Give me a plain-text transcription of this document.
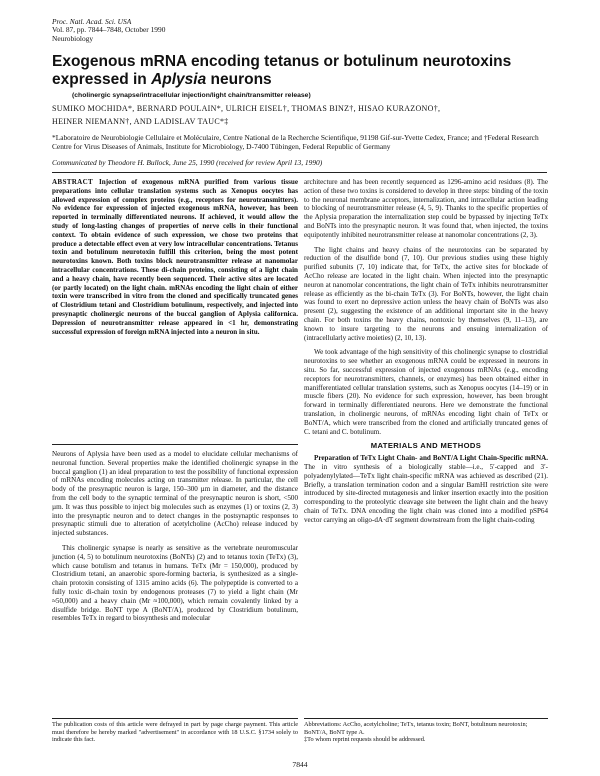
Proc. Natl. Acad. Sci. USA
Vol. 87, pp. 7844–7848, October 1990
Neurobiology
Exogenous mRNA encoding tetanus or botulinum neurotoxins expressed in Aplysia neurons
(cholinergic synapse/intracellular injection/light chain/transmitter release)
SUMIKO MOCHIDA*, BERNARD POULAIN*, ULRICH EISEL†, THOMAS BINZ†, HISAO KURAZONO†,
HEINER NIEMANN†, AND LADISLAV TAUC*‡
*Laboratoire de Neurobiologie Cellulaire et Moléculaire, Centre National de la Recherche Scientifique, 91198 Gif-sur-Yvette Cedex, France; and †Federal Research Centre for Virus Diseases of Animals, Institute for Microbiology, D-7400 Tübingen, Federal Republic of Germany
Communicated by Theodore H. Bullock, June 25, 1990 (received for review April 13, 1990)
ABSTRACT Injection of exogenous mRNA purified from various tissue preparations into cellular translation systems such as Xenopus oocytes has allowed expression of complex proteins (e.g., receptors for neurotransmitters). No evidence for expression of injected exogenous mRNA, however, has been reported in terminally differentiated neurons. If achieved, it would allow the study of long-lasting changes of properties of nerve cells in their functional context. To obtain evidence of such expression, we chose two proteins that produce a detectable effect even at very low intracellular concentrations. Tetanus toxin and botulinum neurotoxin fulfill this criterion, being the most potent neurotoxins known. Both toxins block neurotransmitter release at nanomolar intracellular concentrations. These di-chain proteins, consisting of a light chain and a heavy chain, have recently been sequenced. Their active sites are located (or partly located) on the light chain. mRNAs encoding the light chain of either toxin were transcribed in vitro from the cloned and specifically truncated genes of Clostridium tetani and Clostridium botulinum, respectively, and injected into presynaptic cholinergic neurons of the buccal ganglion of Aplysia californica. Depression of neurotransmitter release appeared in <1 hr, demonstrating successful expression of foreign mRNA injected into a neuron in situ.

Neurons of Aplysia have been used as a model to elucidate cellular mechanisms of neuronal function. Several properties make the identified cholinergic synapse in the buccal ganglion (1) an ideal preparation to test the possibility of functional expression of mRNAs encoding molecules acting on transmitter release. In particular, the cell body of the presynaptic neuron is large, 150–300 µm in diameter, and the distance from the cell body to the synaptic terminal of the presynaptic neuron is short, <500 µm. It was thus possible to inject big molecules such as enzymes (1) or toxins (2, 3) into the presynaptic neuron and to detect changes in the postsynaptic responses to presynaptic stimuli due to alteration of acetylcholine (AcCho) release induced by injected substances.

This cholinergic synapse is nearly as sensitive as the vertebrate neuromuscular junction (4, 5) to botulinum neurotoxins (BoNTs) (2) and to tetanus toxin (TeTx) (3), which cause botulism and tetanus in humans. TeTx (Mr = 150,000), produced by Clostridium tetani, an anaerobic spore-forming bacteria, is synthesized as a single-chain protoxin consisting of 1315 amino acids (6). The polypeptide is converted to a fully toxic di-chain toxin by endogenous proteases (7) to yield a light chain (Mr ≈50,000) and a heavy chain (Mr ≈100,000), which remain covalently linked by a disulfide bridge. BoNT type A (BoNT/A), produced by Clostridium botulinum, resembles TeTx in regard to biosynthesis and molecular

architecture and has been recently sequenced as 1296-amino acid residues (8). The action of these two toxins is considered to develop in three steps: binding of the toxin to the neuronal membrane acceptors, internalization, and intracellular action leading to blocking of neurotransmitter release (4, 5, 9). Thanks to the specific properties of the Aplysia preparation the internalization step could be bypassed by injecting TeTx and BoNTs into the presynaptic neuron. It was found that, when injected, the toxins equipotently inhibited neurotransmitter release at nanomolar concentrations (2, 3).

The light chains and heavy chains of the neurotoxins can be separated by reduction of the disulfide bond (7, 10). Our previous studies using these highly purified subunits (7, 10) indicate that, for TeTx, the active sites for blockade of AcCho release are located in the light chain. When injected into the presynaptic neuron at nanomolar concentrations, the light chain of TeTx inhibits neurotransmitter release as efficiently as the bi-chain TeTx (3). For BoNTs, however, the light chain was found to exert no depressive action unless the heavy chain of BoNTs was also present (2), suggesting the existence of an additional important site in the heavy chain. For both toxins the heavy chains, nontoxic by themselves (9, 11–13), are known to insure targeting to the neurons and ensuing internalization of (intracellularly active moieties) (2, 10, 13).

We took advantage of the high sensitivity of this cholinergic synapse to clostridial neurotoxins to see whether an exogenous mRNA could be expressed in neurons in situ. So far, successful expression of injected exogenous mRNAs (e.g., encoding receptors for neurotransmitters, channels, or enzymes) has been obtained either in manifferentiated cellular translation systems, such as Xenopus oocytes (14–19) or in muscle fibers (20). No evidence for such expression, however, has been brought forward in terminally differentiated neurons. Here we demonstrate the functional translation, in cholinergic neurons, of mRNAs encoding light chain of TeTx or BoNT/A, which were transcribed from the cloned and artificially truncated genes of C. tetani and C. botulinum.

MATERIALS AND METHODS

Preparation of TeTx Light Chain- and BoNT/A Light Chain-Specific mRNA. The in vitro synthesis of a biologically stable—i.e., 5′-capped and 3′-polyadenylylated—TeTx light chain-specific mRNA was achieved as described (21). Briefly, a translation termination codon and a singular BamHI restriction site were introduced by site-directed mutagenesis and linker insertion exactly into the position corresponding to the proteolytic cleavage site between the light chain and the heavy chain of TeTx. DNA encoding the light chain was cloned into a modified pSP64 vector carrying an oligo-dA·dT segment downstream from the light chain-coding

The publication costs of this article were defrayed in part by page charge payment. This article must therefore be hereby marked "advertisement" in accordance with 18 U.S.C. §1734 solely to indicate this fact.
Abbreviations: AcCho, acetylcholine; TeTx, tetanus toxin; BoNT, botulinum neurotoxin; BoNT/A, BoNT type A.
‡To whom reprint requests should be addressed.
7844
